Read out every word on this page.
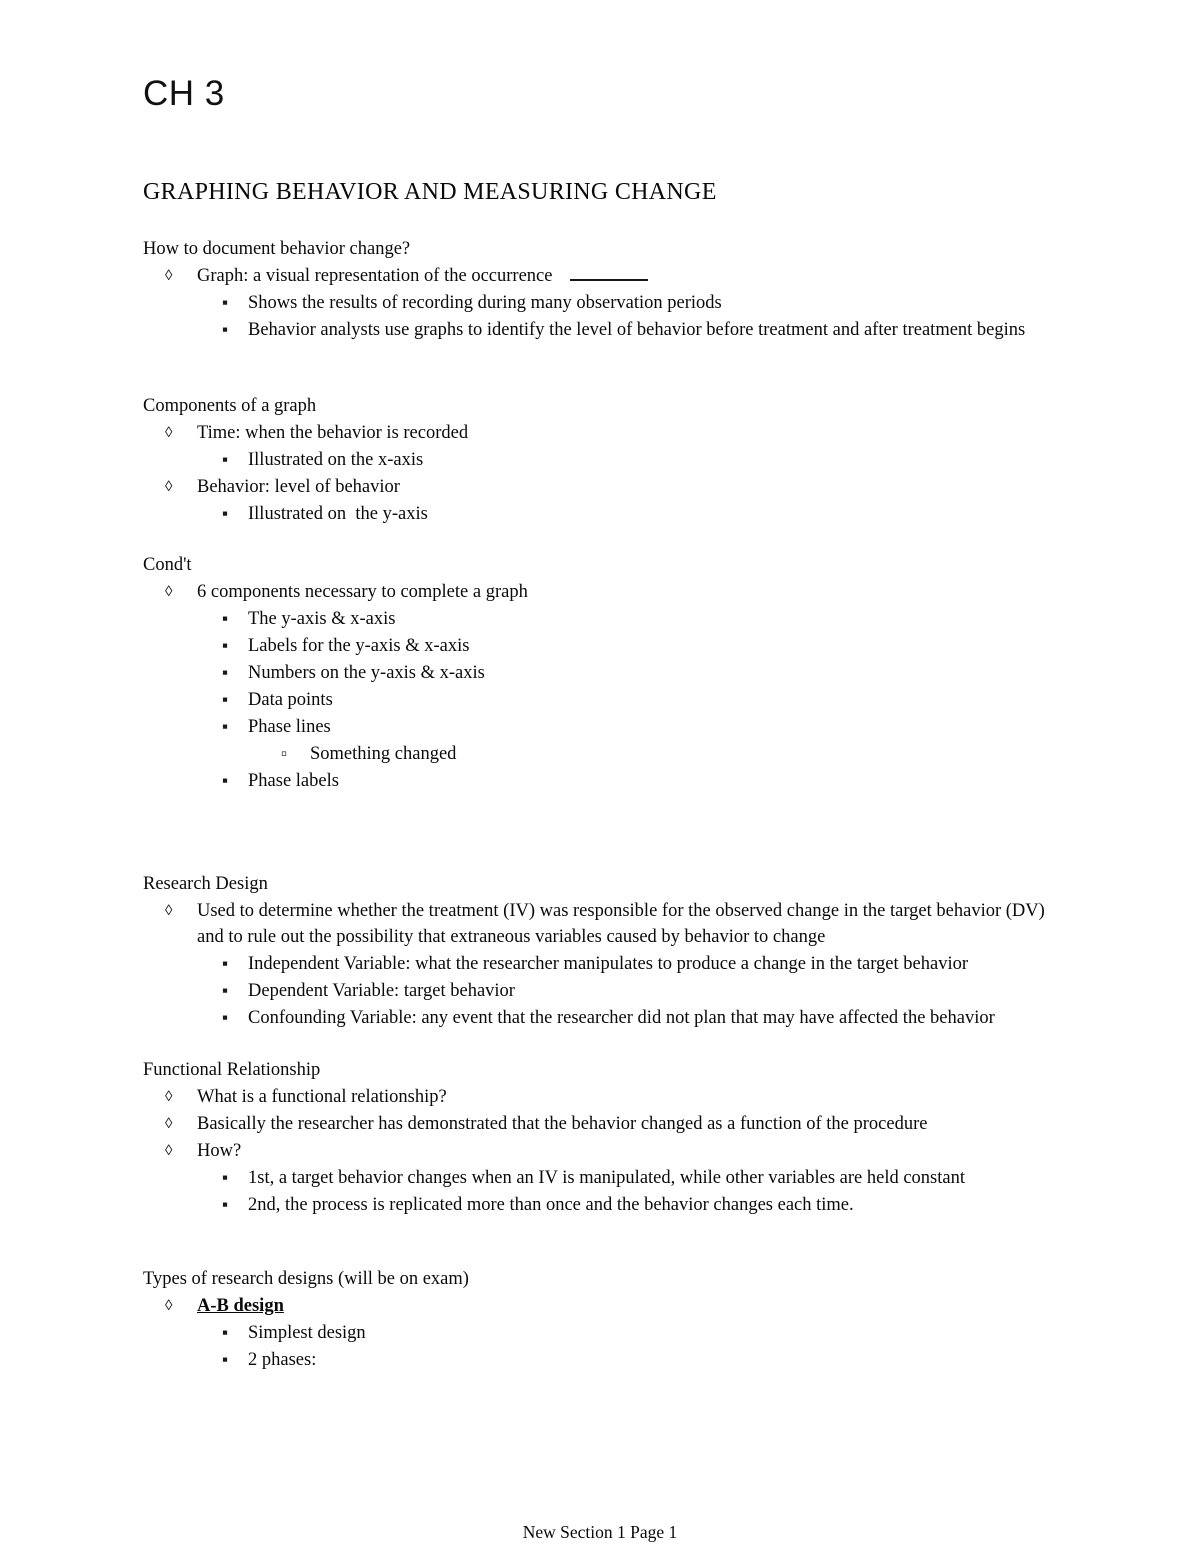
CH 3
GRAPHING BEHAVIOR AND MEASURING CHANGE
How to document behavior change?
◊ Graph: a visual representation of the occurrence
▪ Shows the results of recording during many observation periods
▪ Behavior analysts use graphs to identify the level of behavior before treatment and after treatment begins
Components of a graph
◊ Time: when the behavior is recorded
▪ Illustrated on the x-axis
◊ Behavior: level of behavior
▪ Illustrated on  the y-axis
Cond't
◊ 6 components necessary to complete a graph
▪ The y-axis & x-axis
▪ Labels for the y-axis & x-axis
▪ Numbers on the y-axis & x-axis
▪ Data points
▪ Phase lines
▫ Something changed
▪ Phase labels
Research Design
◊ Used to determine whether the treatment (IV) was responsible for the observed change in the target behavior (DV) and to rule out the possibility that extraneous variables caused by behavior to change
▪ Independent Variable: what the researcher manipulates to produce a change in the target behavior
▪ Dependent Variable: target behavior
▪ Confounding Variable: any event that the researcher did not plan that may have affected the behavior
Functional Relationship
◊ What is a functional relationship?
◊ Basically the researcher has demonstrated that the behavior changed as a function of the procedure
◊ How?
▪ 1st, a target behavior changes when an IV is manipulated, while other variables are held constant
▪ 2nd, the process is replicated more than once and the behavior changes each time.
Types of research designs (will be on exam)
◊ A-B design
▪ Simplest design
▪ 2 phases:
New Section 1 Page 1
